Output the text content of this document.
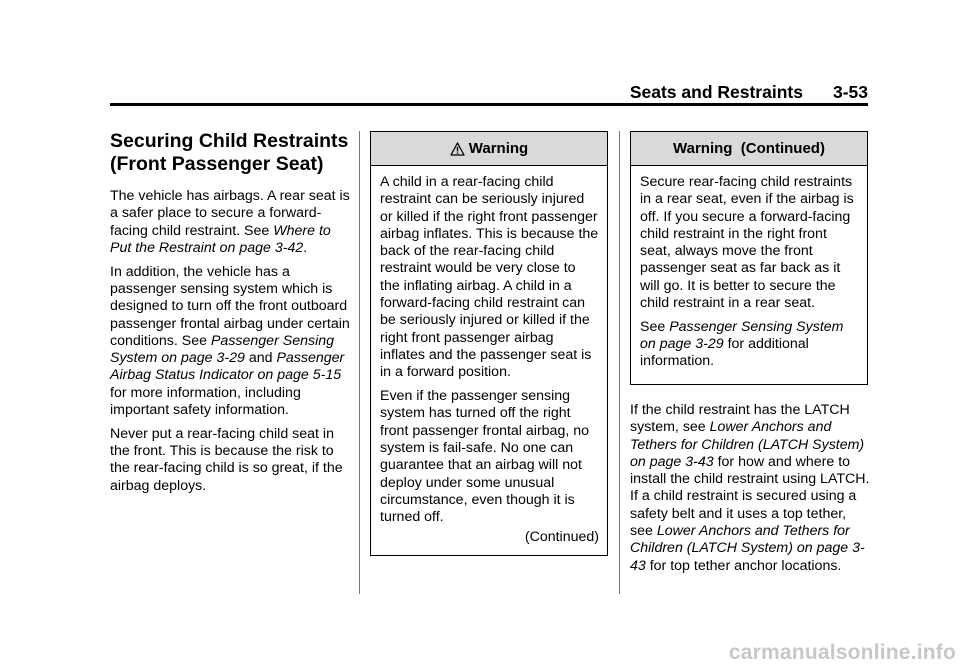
Seats and Restraints 3-53
Securing Child Restraints (Front Passenger Seat)

The vehicle has airbags. A rear seat is a safer place to secure a forward-facing child restraint. See Where to Put the Restraint on page 3-42.

In addition, the vehicle has a passenger sensing system which is designed to turn off the front outboard passenger frontal airbag under certain conditions. See Passenger Sensing System on page 3-29 and Passenger Airbag Status Indicator on page 5-15 for more information, including important safety information.

Never put a rear-facing child seat in the front. This is because the risk to the rear-facing child is so great, if the airbag deploys.

Warning

A child in a rear-facing child restraint can be seriously injured or killed if the right front passenger airbag inflates. This is because the back of the rear-facing child restraint would be very close to the inflating airbag. A child in a forward-facing child restraint can be seriously injured or killed if the right front passenger airbag inflates and the passenger seat is in a forward position.

Even if the passenger sensing system has turned off the right front passenger frontal airbag, no system is fail-safe. No one can guarantee that an airbag will not deploy under some unusual circumstance, even though it is turned off.

(Continued)
Warning  (Continued)

Secure rear-facing child restraints in a rear seat, even if the airbag is off. If you secure a forward-facing child restraint in the right front seat, always move the front passenger seat as far back as it will go. It is better to secure the child restraint in a rear seat.

See Passenger Sensing System on page 3-29 for additional information.

If the child restraint has the LATCH system, see Lower Anchors and Tethers for Children (LATCH System) on page 3-43 for how and where to install the child restraint using LATCH. If a child restraint is secured using a safety belt and it uses a top tether, see Lower Anchors and Tethers for Children (LATCH System) on page 3-43 for top tether anchor locations.

carmanualsonline.info
